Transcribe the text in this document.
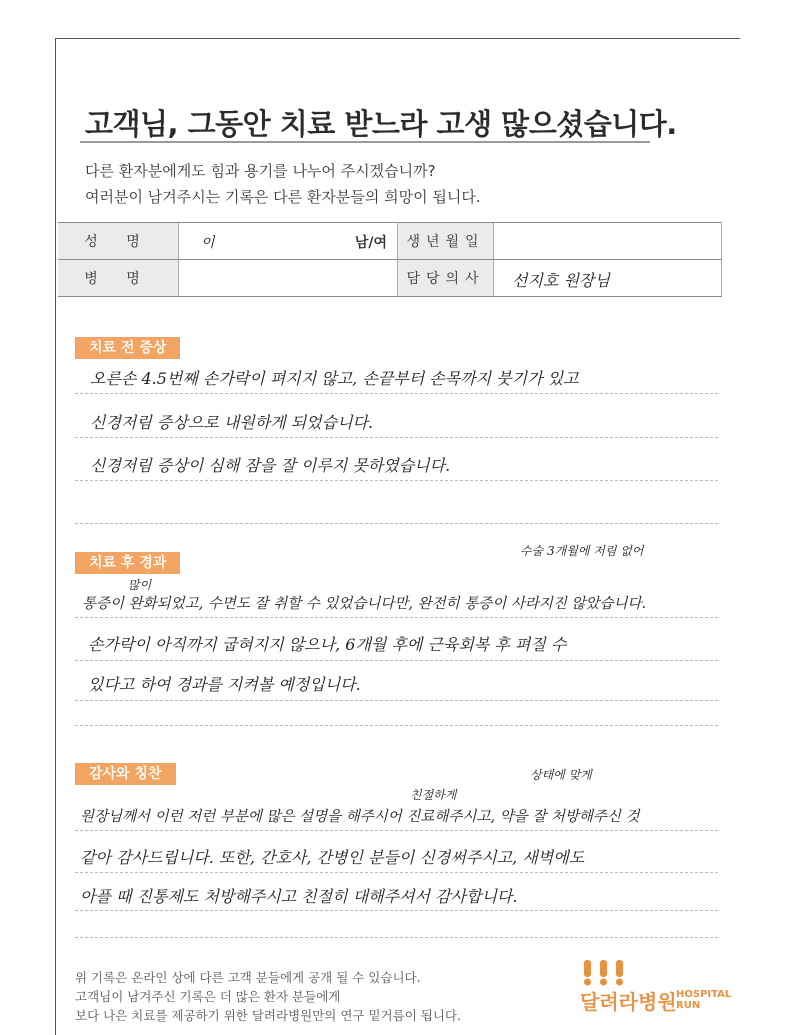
고객님, 그동안 치료 받느라 고생 많으셨습니다.
다른 환자분에게도 힘과 용기를 나누어 주시겠습니까?
여러분이 남겨주시는 기록은 다른 환자분들의 희망이 됩니다.
성 명	이 남/여	생년월일	
병 명		담당의사	선지호 원장님
치료 전 증상
오른손 4.5번째 손가락이 펴지지 않고, 손끝부터 손목까지 붓기가 있고
신경저림 증상으로 내원하게 되었습니다.
신경저림 증상이 심해 잠을 잘 이루지 못하였습니다.
치료 후 경과
수술 3개월에 저림 없어
많이
통증이 완화되었고, 수면도 잘 취할 수 있었습니다만, 완전히 통증이 사라지진 않았습니다.
손가락이 아직까지 굽혀지지 않으나, 6개월 후에 근육회복 후 펴질 수
있다고 하여 경과를 지켜볼 예정입니다.
감사와 칭찬
친절하게
상태에 맞게
원장님께서 이런 저런 부분에 많은 설명을 해주시어 진료해주시고, 약을 잘 처방해주신 것
같아 감사드립니다. 또한, 간호사, 간병인 분들이 신경써주시고, 새벽에도
아플 때 진통제도 처방해주시고 친절히 대해주셔서 감사합니다.
위 기록은 온라인 상에 다른 고객 분들에게 공개 될 수 있습니다.
고객님이 남겨주신 기록은 더 많은 환자 분들에게
보다 나은 치료를 제공하기 위한 달려라병원만의 연구 밑거름이 됩니다.
달려라병원 HOSPITAL
RUN
